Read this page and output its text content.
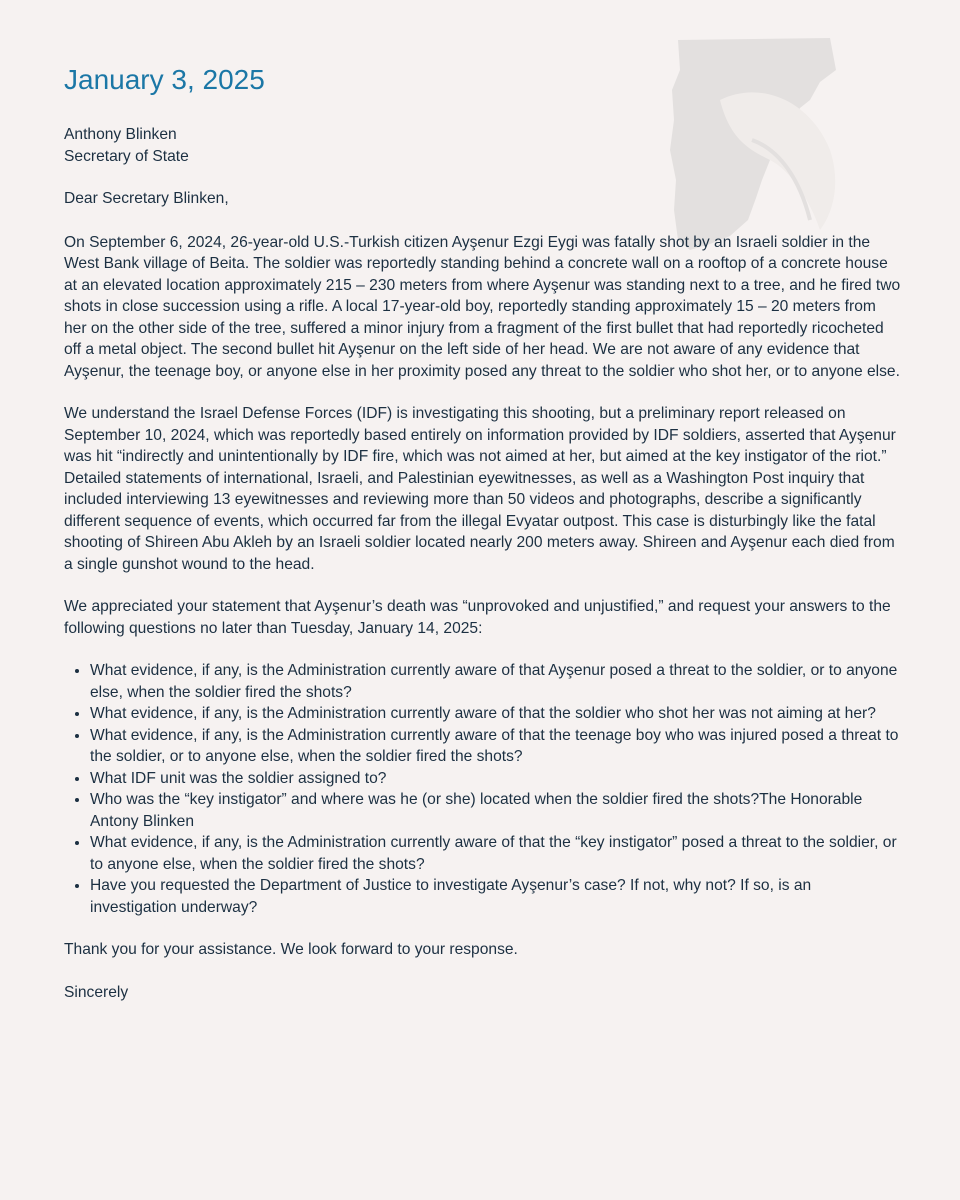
January 3, 2025
Anthony Blinken
Secretary of State

Dear Secretary Blinken,

On September 6, 2024, 26-year-old U.S.-Turkish citizen Ayşenur Ezgi Eygi was fatally shot by an Israeli soldier in the West Bank village of Beita. The soldier was reportedly standing behind a concrete wall on a rooftop of a concrete house at an elevated location approximately 215 – 230 meters from where Ayşenur was standing next to a tree, and he fired two shots in close succession using a rifle. A local 17-year-old boy, reportedly standing approximately 15 – 20 meters from her on the other side of the tree, suffered a minor injury from a fragment of the first bullet that had reportedly ricocheted off a metal object. The second bullet hit Ayşenur on the left side of her head. We are not aware of any evidence that Ayşenur, the teenage boy, or anyone else in her proximity posed any threat to the soldier who shot her, or to anyone else.

We understand the Israel Defense Forces (IDF) is investigating this shooting, but a preliminary report released on September 10, 2024, which was reportedly based entirely on information provided by IDF soldiers, asserted that Ayşenur was hit “indirectly and unintentionally by IDF fire, which was not aimed at her, but aimed at the key instigator of the riot.” Detailed statements of international, Israeli, and Palestinian eyewitnesses, as well as a Washington Post inquiry that included interviewing 13 eyewitnesses and reviewing more than 50 videos and photographs, describe a significantly different sequence of events, which occurred far from the illegal Evyatar outpost. This case is disturbingly like the fatal shooting of Shireen Abu Akleh by an Israeli soldier located nearly 200 meters away. Shireen and Ayşenur each died from a single gunshot wound to the head.

We appreciated your statement that Ayşenur’s death was “unprovoked and unjustified,” and request your answers to the following questions no later than Tuesday, January 14, 2025:

• What evidence, if any, is the Administration currently aware of that Ayşenur posed a threat to the soldier, or to anyone else, when the soldier fired the shots?
• What evidence, if any, is the Administration currently aware of that the soldier who shot her was not aiming at her?
• What evidence, if any, is the Administration currently aware of that the teenage boy who was injured posed a threat to the soldier, or to anyone else, when the soldier fired the shots?
• What IDF unit was the soldier assigned to?
• Who was the “key instigator” and where was he (or she) located when the soldier fired the shots?The Honorable Antony Blinken
• What evidence, if any, is the Administration currently aware of that the “key instigator” posed a threat to the soldier, or to anyone else, when the soldier fired the shots?
• Have you requested the Department of Justice to investigate Ayşenur’s case? If not, why not? If so, is an investigation underway?

Thank you for your assistance. We look forward to your response.

Sincerely
